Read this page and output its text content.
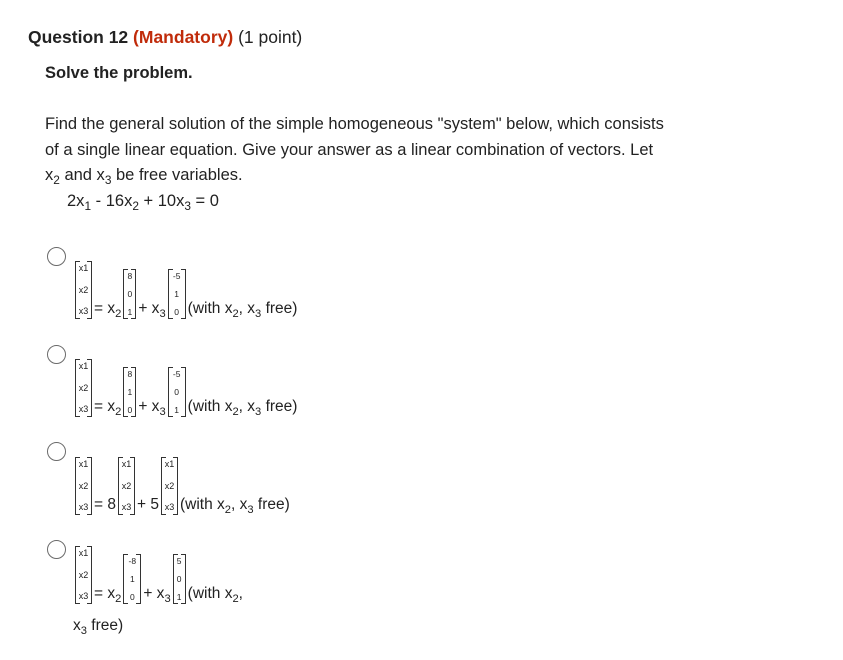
Question 12 (Mandatory) (1 point)
Solve the problem.
Find the general solution of the simple homogeneous "system" below, which consists
of a single linear equation. Give your answer as a linear combination of vectors. Let
$x_2$ and $x_3$ be free variables.
$2x_1 - 16x_2 + 10x_3 = 0$
x1
x2
$x3 = x_2$
8
0
$1 + x_3$
-5
1
0 (with $x_2$, $x_3$ free)
x1
x2
$x3 = x_2$
8
1
$0 + x_3$
-5
0
1 (with $x_2$, $x_3$ free)
x1
x2
x3 = 8
x1
x2
x3 + 5
x1
x2
x3 (with $x_2$, $x_3$ free)
x1
x2
$x3 = x_2$
-8
1
$0 + x_3$
5
0
1 (with $x_2$,
$x_3$ free)
